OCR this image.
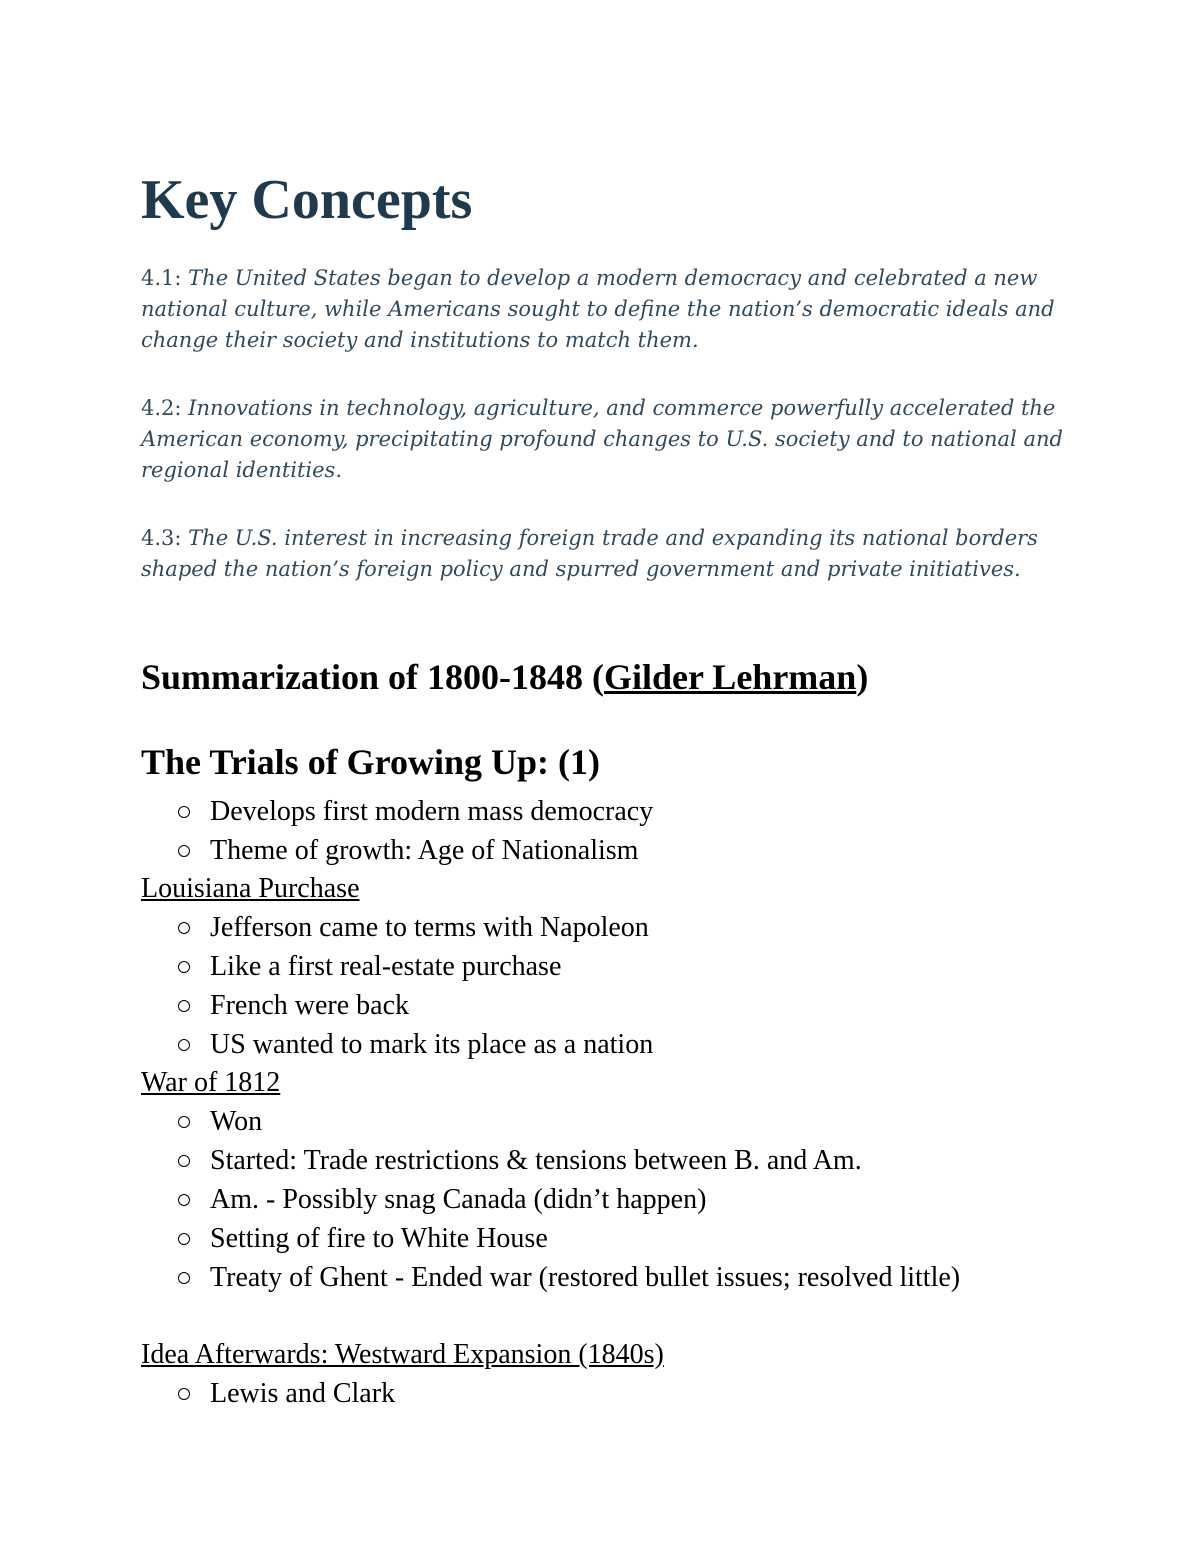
Key Concepts

4.1: The United States began to develop a modern democracy and celebrated a new national culture, while Americans sought to define the nation’s democratic ideals and change their society and institutions to match them.

4.2: Innovations in technology, agriculture, and commerce powerfully accelerated the American economy, precipitating profound changes to U.S. society and to national and regional identities.

4.3: The U.S. interest in increasing foreign trade and expanding its national borders shaped the nation’s foreign policy and spurred government and private initiatives.

Summarization of 1800-1848 (Gilder Lehrman)
The Trials of Growing Up: (1)
Develops first modern mass democracy
Theme of growth: Age of Nationalism

Louisiana Purchase

Jefferson came to terms with Napoleon
Like a first real-estate purchase
French were back
US wanted to mark its place as a nation

War of 1812

Won
Started: Trade restrictions & tensions between B. and Am.
Am. - Possibly snag Canada (didn’t happen)
Setting of fire to White House
Treaty of Ghent - Ended war (restored bullet issues; resolved little)

Idea Afterwards: Westward Expansion (1840s)

Lewis and Clark
